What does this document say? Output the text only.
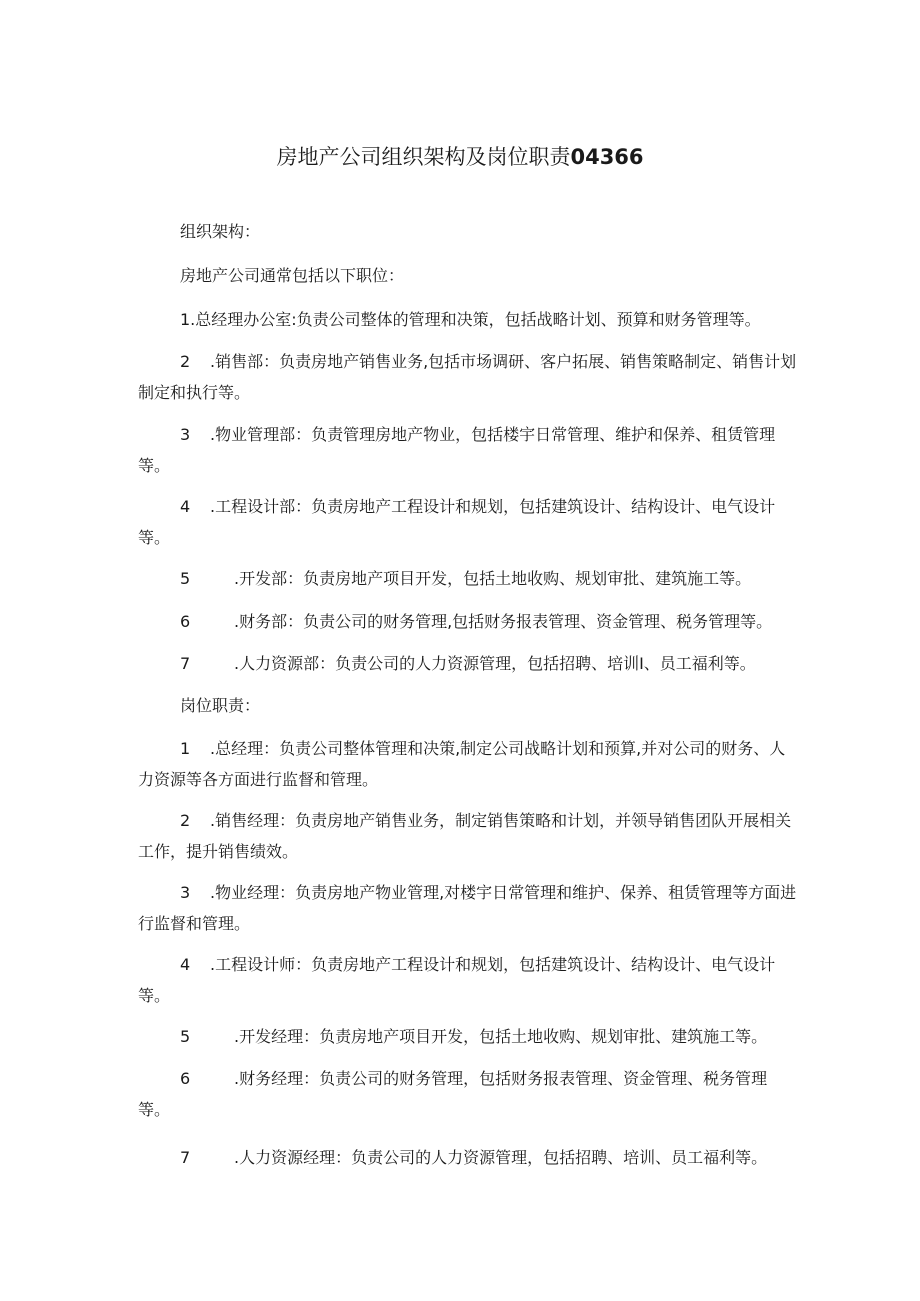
房地产公司组织架构及岗位职责04366

组织架构：

房地产公司通常包括以下职位：

1.总经理办公室:负责公司整体的管理和决策，包括战略计划、预算和财务管理等。

2 .销售部：负责房地产销售业务,包括市场调研、客户拓展、销售策略制定、销售计划制定和执行等。

3 .物业管理部：负责管理房地产物业，包括楼宇日常管理、维护和保养、租赁管理等。

4 .工程设计部：负责房地产工程设计和规划，包括建筑设计、结构设计、电气设计等。

5	.开发部：负责房地产项目开发，包括土地收购、规划审批、建筑施工等。

6	.财务部：负责公司的财务管理,包括财务报表管理、资金管理、税务管理等。

7	.人力资源部：负责公司的人力资源管理，包括招聘、培训I、员工福利等。

岗位职责：

1 .总经理：负责公司整体管理和决策,制定公司战略计划和预算,并对公司的财务、人力资源等各方面进行监督和管理。

2 .销售经理：负责房地产销售业务，制定销售策略和计划，并领导销售团队开展相关工作，提升销售绩效。

3 .物业经理：负责房地产物业管理,对楼宇日常管理和维护、保养、租赁管理等方面进行监督和管理。

4 .工程设计师：负责房地产工程设计和规划，包括建筑设计、结构设计、电气设计等。

5	.开发经理：负责房地产项目开发，包括土地收购、规划审批、建筑施工等。

6	.财务经理：负责公司的财务管理，包括财务报表管理、资金管理、税务管理等。

7	.人力资源经理：负责公司的人力资源管理，包括招聘、培训、员工福利等。
